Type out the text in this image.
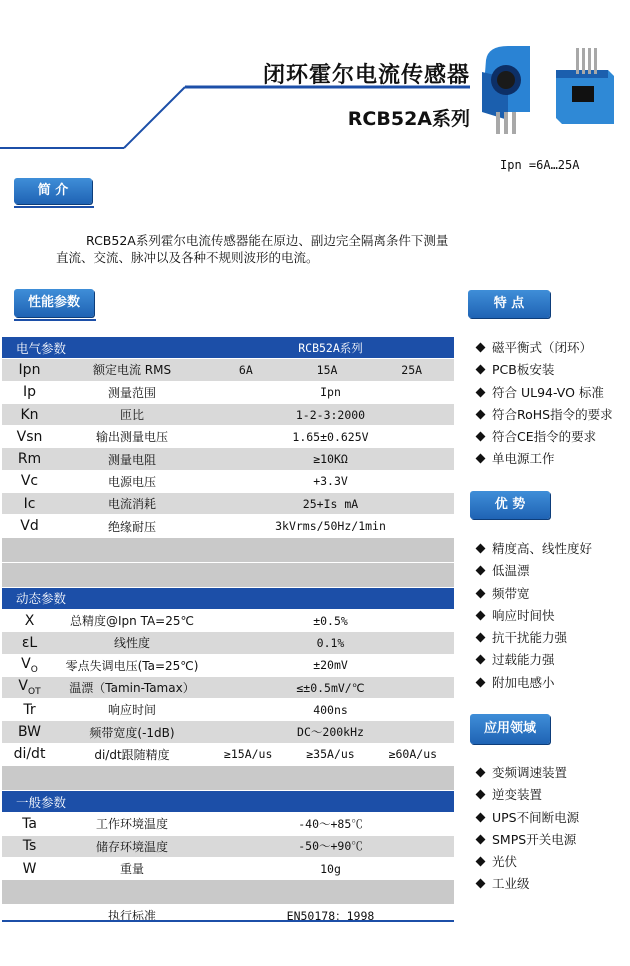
闭环霍尔电流传感器
RCB52A系列
Ipn =6A…25A
简 介
RCB52A系列霍尔电流传感器能在原边、副边完全隔离条件下测量直流、交流、脉冲以及各种不规则波形的电流。
性能参数
电气参数		RCB52A系列
Ipn	额定电流 RMS	6A 15A 25A

Ip	测量范围	Ipn
Kn	匝比	1-2-3:2000
Vsn	输出测量电压	1.65±0.625V
Rm	测量电阻	≥10KΩ
Vc	电源电压	+3.3V
Ic	电流消耗	25+Is mA
Vd	绝缘耐压	3kVrms/50Hz/1min

动态参数		
X	总精度@Ipn TA=25℃	±0.5%
εL	线性度	0.1%
$V_O$	零点失调电压(Ta=25℃)	±20mV
$V_{OT}$	温漂（Tamin-Tamax）	≤±0.5mV/℃
Tr	响应时间	400ns
BW	频带宽度(-1dB)	DC～200kHz
di/dt	di/dt跟随精度	≥15A/us ≥35A/us ≥60A/us

一般参数		
Ta	工作环境温度	-40～+85℃
Ts	储存环境温度	-50～+90℃
W	重量	10g

	执行标准	EN50178：1998
特 点
磁平衡式（闭环）
PCB板安装
符合 UL94-VO 标准
符合RoHS指令的要求
符合CE指令的要求
单电源工作
优 势
精度高、线性度好
低温漂
频带宽
响应时间快
抗干扰能力强
过载能力强
附加电感小
应用领域
变频调速装置
逆变装置
UPS不间断电源
SMPS开关电源
光伏
工业级
